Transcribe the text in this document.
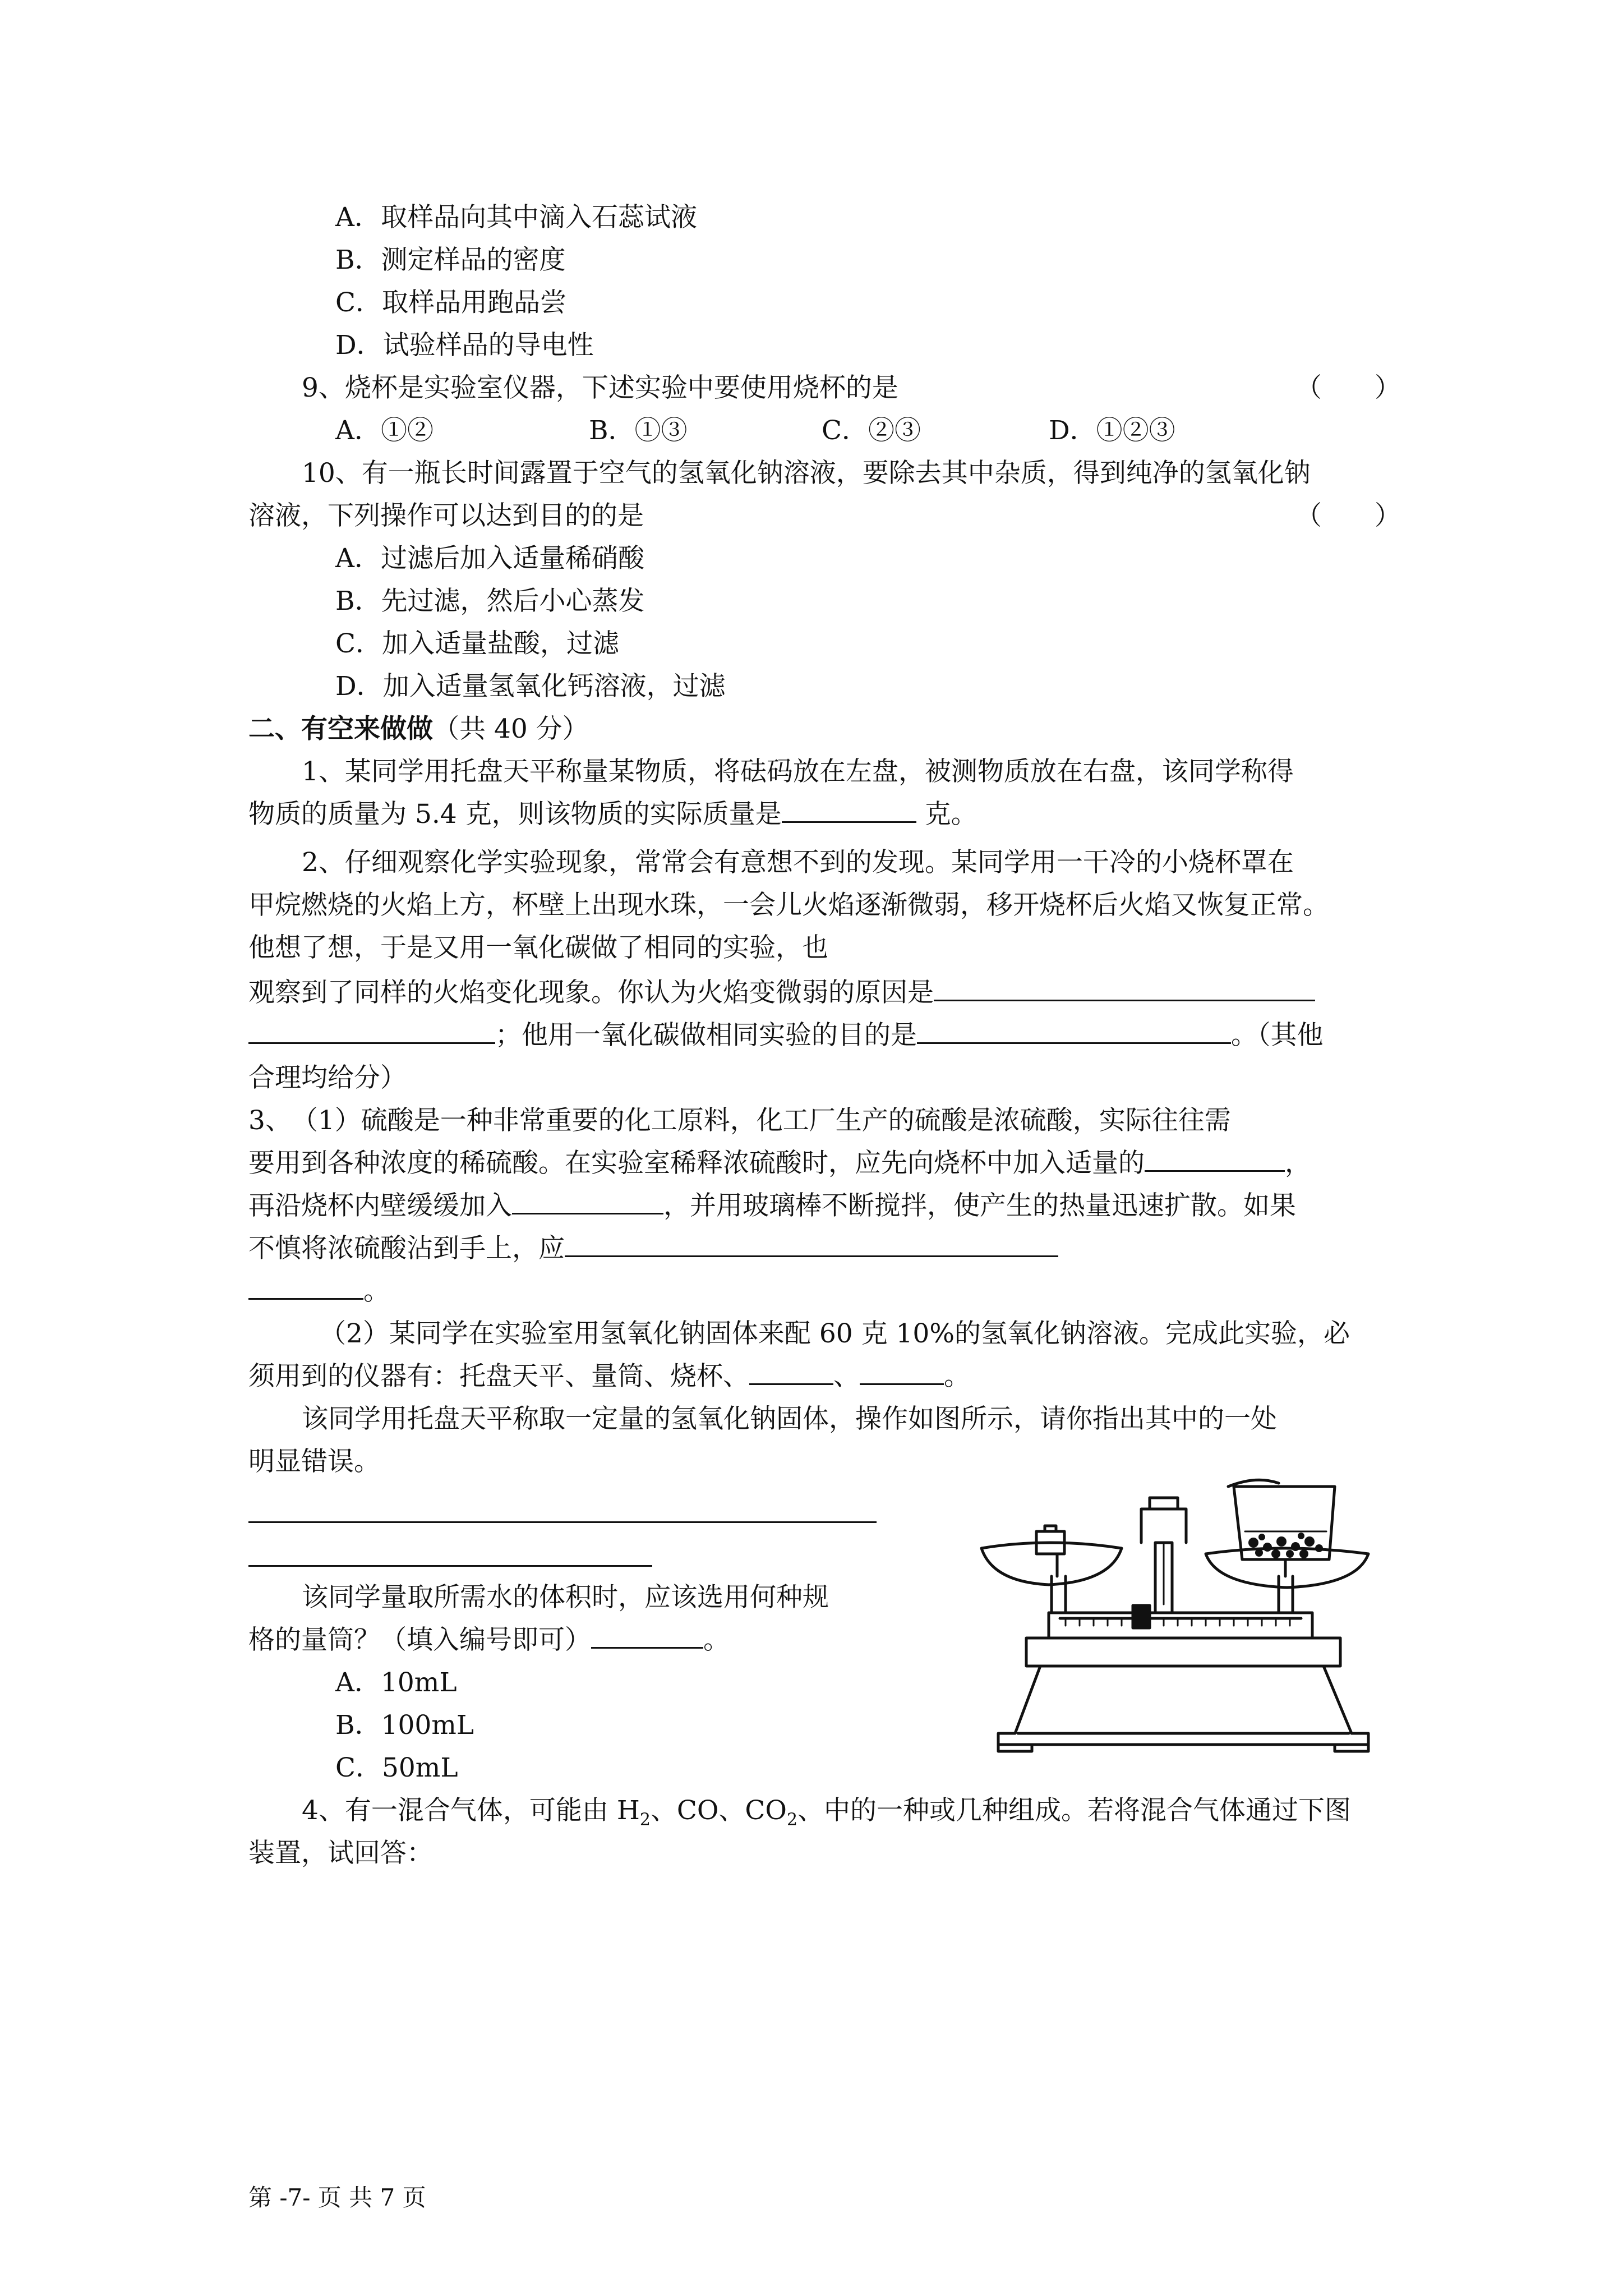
A．取样品向其中滴入石蕊试液
B．测定样品的密度
C．取样品用跑品尝
D．试验样品的导电性
9、烧杯是实验室仪器，下述实验中要使用烧杯的是	（　　）
A．①②	B．①③	C．②③	D．①②③
10、有一瓶长时间露置于空气的氢氧化钠溶液，要除去其中杂质，得到纯净的氢氧化钠
溶液，下列操作可以达到目的的是	（　　）
A．过滤后加入适量稀硝酸
B．先过滤，然后小心蒸发
C．加入适量盐酸，过滤
D．加入适量氢氧化钙溶液，过滤
二、有空来做做（共 40 分）
1、某同学用托盘天平称量某物质，将砝码放在左盘，被测物质放在右盘，该同学称得
物质的质量为 5.4 克，则该物质的实际质量是	克。
2、仔细观察化学实验现象，常常会有意想不到的发现。某同学用一干冷的小烧杯罩在
甲烷燃烧的火焰上方，杯壁上出现水珠，一会儿火焰逐渐微弱，移开烧杯后火焰又恢复正常。
他想了想，于是又用一氧化碳做了相同的实验，也
观察到了同样的火焰变化现象。你认为火焰变微弱的原因是
；他用一氧化碳做相同实验的目的是	。（其他
合理均给分）
3、　（1）硫酸是一种非常重要的化工原料，化工厂生产的硫酸是浓硫酸，实际往往需
要用到各种浓度的稀硫酸。在实验室稀释浓硫酸时，应先向烧杯中加入适量的	，
再沿烧杯内壁缓缓加入	，并用玻璃棒不断搅拌，使产生的热量迅速扩散。如果
不慎将浓硫酸沾到手上，应
。
（2）某同学在实验室用氢氧化钠固体来配 60 克 10%的氢氧化钠溶液。完成此实验，必
须用到的仪器有：托盘天平、量筒、烧杯、	、	。
该同学用托盘天平称取一定量的氢氧化钠固体，操作如图所示，请你指出其中的一处
明显错误。
该同学量取所需水的体积时，应该选用何种规
格的量筒？（填入编号即可）	。
A．10mL
B．100mL
C．50mL
4、有一混合气体，可能由 $H_2$、CO、$CO_2$、中的一种或几种组成。若将混合气体通过下图
装置，试回答：
第 -7- 页 共 7 页
